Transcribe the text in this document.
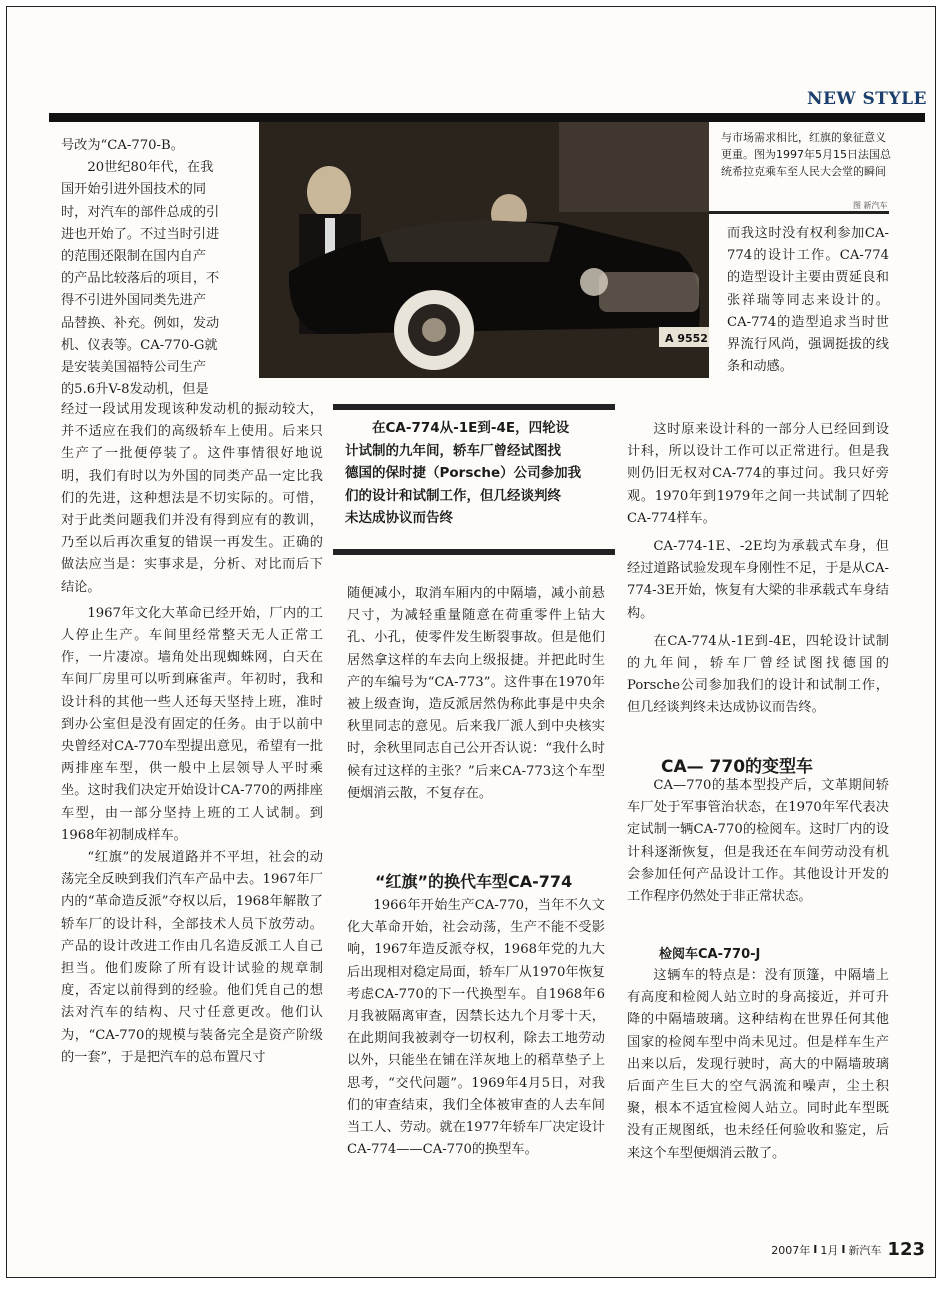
NEW STYLE

号改为“CA-770-B。

20世纪80年代，在我

国开始引进外国技术的同

时，对汽车的部件总成的引

进也开始了。不过当时引进

的范围还限制在国内自产

的产品比较落后的项目，不

得不引进外国同类先进产

品替换、补充。例如，发动

机、仪表等。CA-770-G就

是安装美国福特公司生产

的5.6升V-8发动机，但是

经过一段试用发现该种发动机的振动较大，并不适应在我们的高级轿车上使用。后来只生产了一批便停装了。这件事情很好地说明，我们有时以为外国的同类产品一定比我们的先进，这种想法是不切实际的。可惜，对于此类问题我们并没有得到应有的教训，乃至以后再次重复的错误一再发生。正确的做法应当是：实事求是，分析、对比而后下结论。

1967年文化大革命已经开始，厂内的工人停止生产。车间里经常整天无人正常工作，一片凄凉。墙角处出现蜘蛛网，白天在车间厂房里可以听到麻雀声。年初时，我和设计科的其他一些人还每天坚持上班，准时到办公室但是没有固定的任务。由于以前中央曾经对CA-770车型提出意见，希望有一批两排座车型，供一般中上层领导人平时乘坐。这时我们决定开始设计CA-770的两排座车型，由一部分坚持上班的工人试制。到1968年初制成样车。

“红旗”的发展道路并不平坦，社会的动荡完全反映到我们汽车产品中去。1967年厂内的“革命造反派”夺权以后，1968年解散了轿车厂的设计科，全部技术人员下放劳动。产品的设计改进工作由几名造反派工人自己担当。他们废除了所有设计试验的规章制度，否定以前得到的经验。他们凭自己的想法对汽车的结构、尺寸任意更改。他们认为，“CA-770的规模与装备完全是资产阶级的一套”，于是把汽车的总布置尺寸

A 9552
与市场需求相比，红旗的象征意义更重。图为1997年5月15日法国总统希拉克乘车至人民大会堂的瞬间
图 新汽车

而我这时没有权利参加CA-774的设计工作。CA-774的造型设计主要由贾延良和张祥瑞等同志来设计的。CA-774的造型追求当时世界流行风尚，强调挺拔的线条和动感。

在CA-774从-1E到-4E，四轮设
计试制的九年间，轿车厂曾经试图找
德国的保时捷（Porsche）公司参加我
们的设计和试制工作，但几经谈判终
未达成协议而告终

随便减小，取消车厢内的中隔墙，减小前悬尺寸，为减轻重量随意在荷重零件上钻大孔、小孔，使零件发生断裂事故。但是他们居然拿这样的车去向上级报捷。并把此时生产的车编号为“CA-773”。这件事在1970年被上级查询，造反派居然伪称此事是中央余秋里同志的意见。后来我厂派人到中央核实时，余秋里同志自己公开否认说：“我什么时候有过这样的主张？”后来CA-773这个车型便烟消云散，不复存在。

“红旗”的换代车型CA-774

1966年开始生产CA-770，当年不久文化大革命开始，社会动荡，生产不能不受影响，1967年造反派夺权，1968年党的九大后出现相对稳定局面，轿车厂从1970年恢复考虑CA-770的下一代换型车。自1968年6月我被隔离审查，因禁长达九个月零十天，在此期间我被剥夺一切权利，除去工地劳动以外，只能坐在铺在洋灰地上的稻草垫子上思考，“交代问题”。1969年4月5日，对我们的审查结束，我们全体被审查的人去车间当工人、劳动。就在1977年轿车厂决定设计CA-774——CA-770的换型车。

这时原来设计科的一部分人已经回到设计科，所以设计工作可以正常进行。但是我则仍旧无权对CA-774的事过问。我只好旁观。1970年到1979年之间一共试制了四轮CA-774样车。

CA-774-1E、-2E均为承载式车身，但经过道路试验发现车身刚性不足，于是从CA-774-3E开始，恢复有大梁的非承载式车身结构。

在CA-774从-1E到-4E，四轮设计试制的九年间，轿车厂曾经试图找德国的Porsche公司参加我们的设计和试制工作，但几经谈判终未达成协议而告终。

CA— 770的变型车

CA—770的基本型投产后，文革期间轿车厂处于军事管治状态，在1970年军代表决定试制一辆CA-770的检阅车。这时厂内的设计科逐渐恢复，但是我还在车间劳动没有机会参加任何产品设计工作。其他设计开发的工作程序仍然处于非正常状态。

检阅车CA-770-J

这辆车的特点是：没有顶篷，中隔墙上有高度和检阅人站立时的身高接近，并可升降的中隔墙玻璃。这种结构在世界任何其他国家的检阅车型中尚未见过。但是样车生产出来以后，发现行驶时，高大的中隔墙玻璃后面产生巨大的空气涡流和噪声，尘土积聚，根本不适宜检阅人站立。同时此车型既没有正规图纸，也未经任何验收和鉴定，后来这个车型便烟消云散了。

2007年 I 1月 I 新汽车 123
